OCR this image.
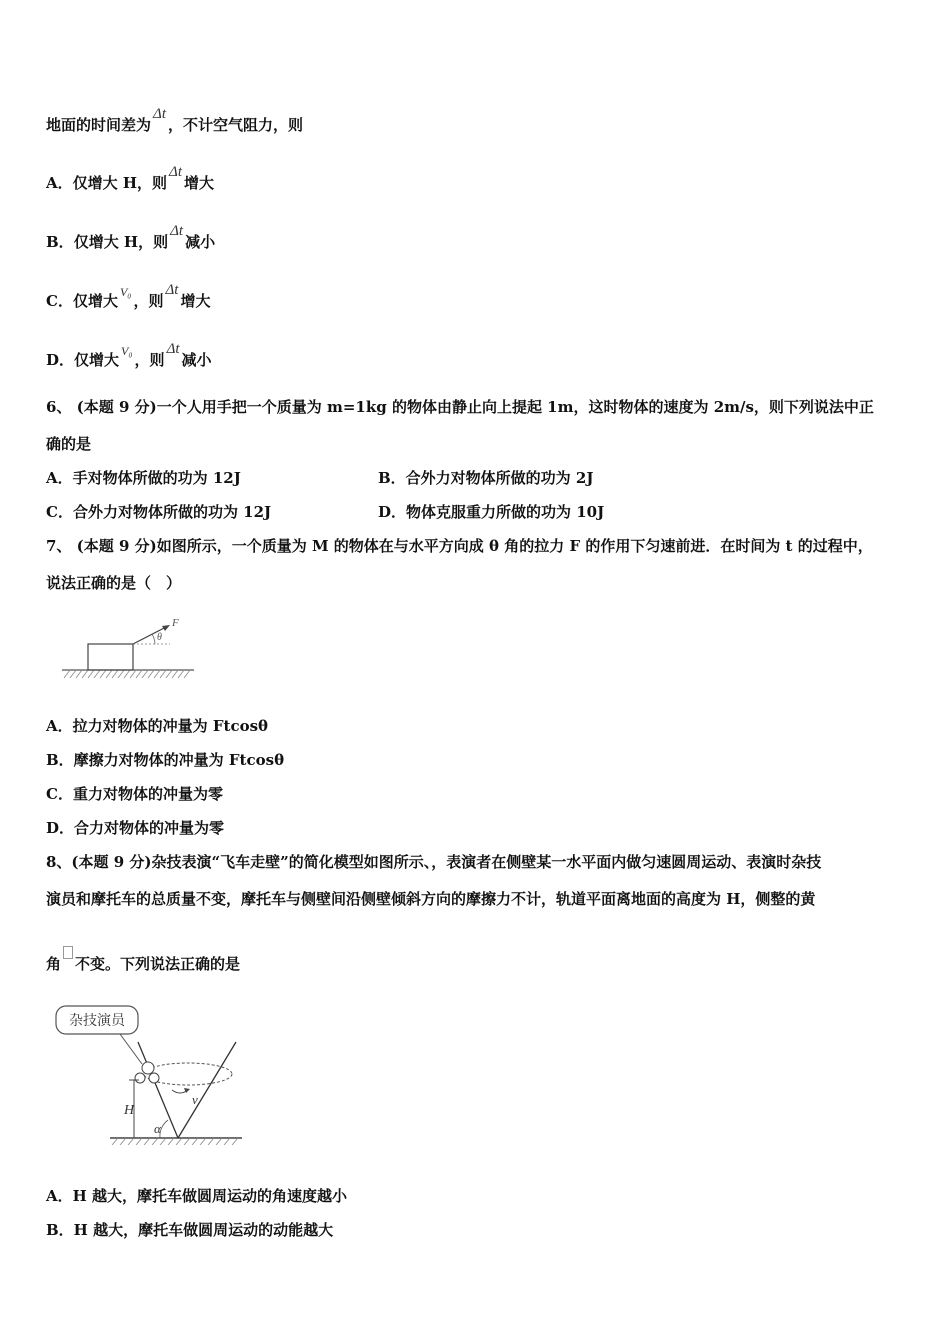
地面的时间差为Δt，不计空气阻力，则
A．仅增大 H，则Δt增大
B．仅增大 H，则Δt减小
C．仅增大 $^{V_0}$ ，则Δt增大
D．仅增大 $^{V_0}$ ，则Δt减小
6、 (本题 9 分)一个人用手把一个质量为 m=1kg 的物体由静止向上提起 1m，这时物体的速度为 2m/s，则下列说法中正
确的是
A．手对物体所做的功为 12J	B．合外力对物体所做的功为 2J
C．合外力对物体所做的功为 12J	D．物体克服重力所做的功为 10J
7、 (本题 9 分)如图所示，一个质量为 M 的物体在与水平方向成 θ 角的拉力 F 的作用下匀速前进．在时间为 t 的过程中，
说法正确的是（　）
F
θ
A．拉力对物体的冲量为 Ftcosθ
B．摩擦力对物体的冲量为 Ftcosθ
C．重力对物体的冲量为零
D．合力对物体的冲量为零
8、(本题 9 分)杂技表演“飞车走壁”的简化模型如图所示、，表演者在侧壁某一水平面内做匀速圆周运动、表演时杂技
演员和摩托车的总质量不变，摩托车与侧壁间沿侧壁倾斜方向的摩擦力不计，轨道平面离地面的高度为 H，侧整的黄
角 不变。下列说法正确的是
杂技演员
H
v
α
A．H 越大，摩托车做圆周运动的角速度越小
B．H 越大，摩托车做圆周运动的动能越大
